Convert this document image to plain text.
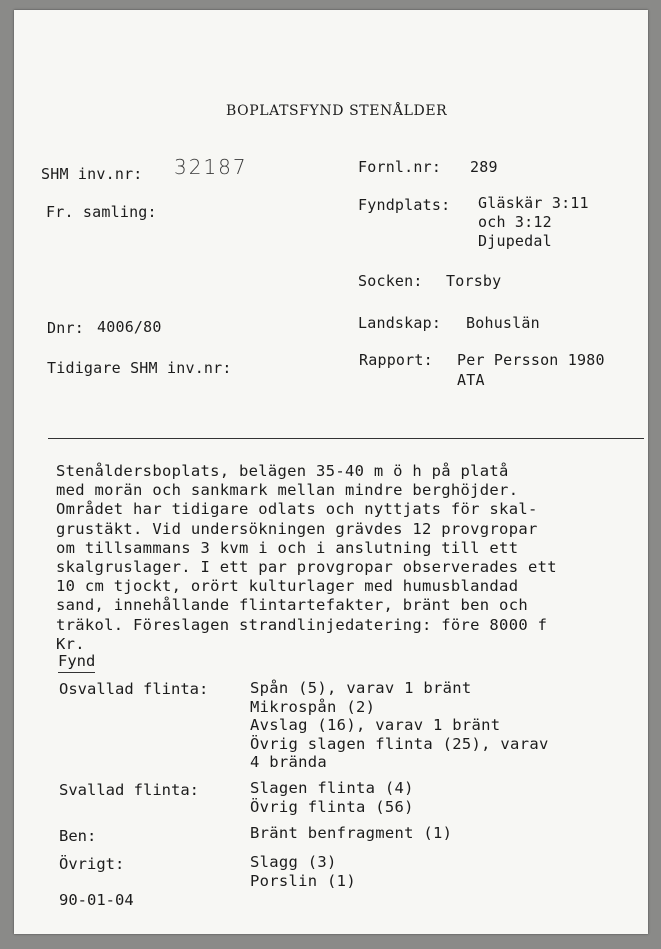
BOPLATSFYND STENÅLDER
SHM inv.nr: 32187	Fornl.nr: 289
Fr. samling:	Fyndplats: Gläskär 3:11
och 3:12
Djupedal
Socken: Torsby
Dnr: 4006/80	Landskap: Bohuslän
Tidigare SHM inv.nr:	Rapport: Per Persson 1980
ATA
Stenåldersboplats, belägen 35-40 m ö h på platå
med morän och sankmark mellan mindre berghöjder.
Området har tidigare odlats och nyttjats för skal-
grustäkt. Vid undersökningen grävdes 12 provgropar
om tillsammans 3 kvm i och i anslutning till ett
skalgruslager. I ett par provgropar observerades ett
10 cm tjockt, orört kulturlager med humusblandad
sand, innehållande flintartefakter, bränt ben och
träkol. Föreslagen strandlinjedatering: före 8000 f
Kr.
Fynd
Osvallad flinta:	Spån (5), varav 1 bränt
Mikrospån (2)
Avslag (16), varav 1 bränt
Övrig slagen flinta (25), varav
4 brända
Svallad flinta:	Slagen flinta (4)
Övrig flinta (56)
Ben:	Bränt benfragment (1)
Övrigt:	Slagg (3)
Porslin (1)
90-01-04
